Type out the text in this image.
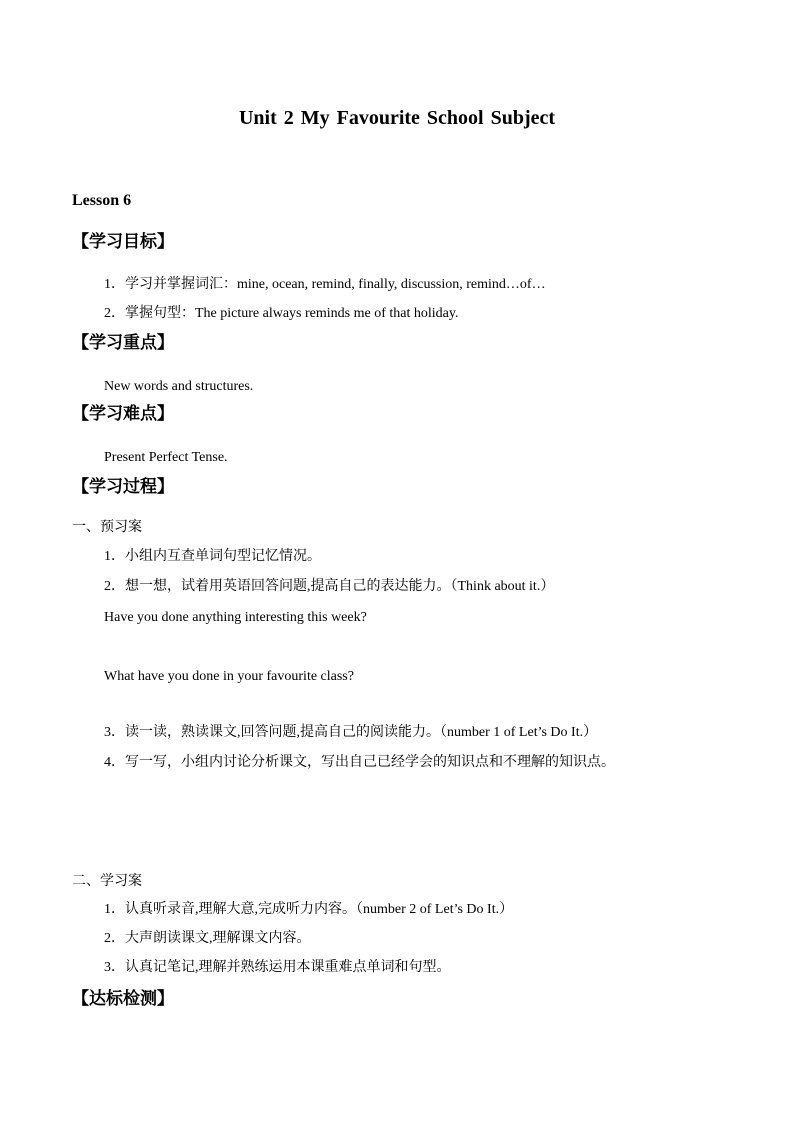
Unit 2 My Favourite School Subject
Lesson 6
【学习目标】
1．学习并掌握词汇：mine, ocean, remind, finally, discussion, remind…of…
2．掌握句型：The picture always reminds me of that holiday.
【学习重点】
New words and structures.
【学习难点】
Present Perfect Tense.
【学习过程】
一、预习案
1．小组内互查单词句型记忆情况。
2．想一想，试着用英语回答问题,提高自己的表达能力。（Think about it.）
Have you done anything interesting this week?
What have you done in your favourite class?
3．读一读，熟读课文,回答问题,提高自己的阅读能力。（number 1 of Let’s Do It.）
4．写一写，小组内讨论分析课文，写出自己已经学会的知识点和不理解的知识点。
二、学习案
1．认真听录音,理解大意,完成听力内容。（number 2 of Let’s Do It.）
2．大声朗读课文,理解课文内容。
3．认真记笔记,理解并熟练运用本课重难点单词和句型。
【达标检测】
